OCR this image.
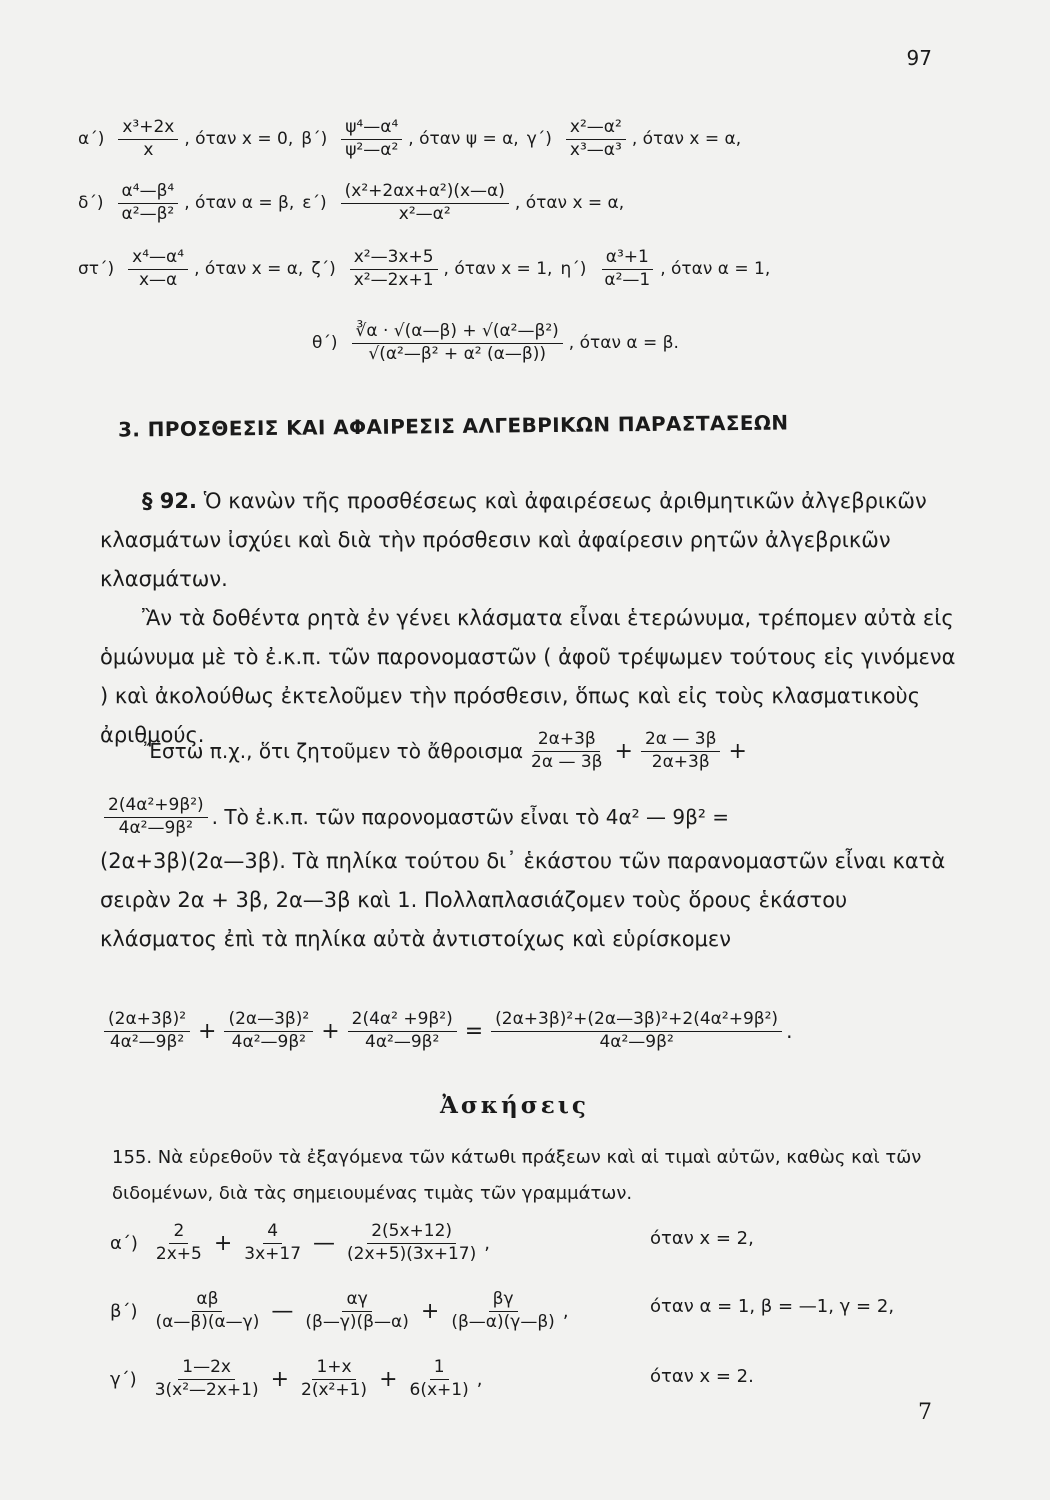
97
$\alpha΄) \frac{\text{x³+2x}}{x}$ , όταν x = 0, $\beta΄) \frac{\text{ψ⁴—α⁴}}{\text{ψ²—α²}}$ , όταν ψ = α, $\gamma΄) \frac{\text{x²—α²}}{\text{x³—α³}}$ , όταν x = α,
$\delta΄) \frac{\text{α⁴—β⁴}}{\text{α²—β²}}$ , όταν α = β, $\varepsilon΄) \frac{\text{(x²+2αx+α²)(x—α)}}{\text{x²—α²}}$ , όταν x = α,
$\sigma\tau΄) \frac{\text{x⁴—α⁴}}{x—\alpha}$ , όταν x = α, $\zeta΄) \frac{\text{x²—3x+5}}{\text{x²—2x+1}}$ , όταν x = 1, $\eta΄) \frac{\text{α³+1}}{\text{α²—1}}$ , όταν α = 1,
$\theta΄) \frac{\text{∛α · √(α—β) + √(α²—β²)}}{\text{√(α²—β² + α² (α—β))}}$ , όταν α = β.
3. ΠΡΟΣΘΕΣΙΣ ΚΑΙ ΑΦΑΙΡΕΣΙΣ ΑΛΓΕΒΡΙΚΩΝ ΠΑΡΑΣΤΑΣΕΩΝ
§ 92. Ὁ κανὼν τῆς προσθέσεως καὶ ἀφαιρέσεως ἀριθμητικῶν ἀλγεβρικῶν κλασμάτων ἰσχύει καὶ διὰ τὴν πρόσθεσιν καὶ ἀφαίρεσιν ρητῶν ἀλγεβρικῶν κλασμάτων.
Ἂν τὰ δοθέντα ρητὰ ἐν γένει κλάσματα εἶναι ἑτερώνυμα, τρέπομεν αὐτὰ εἰς ὁμώνυμα μὲ τὸ ἐ.κ.π. τῶν παρονομαστῶν ( ἀφοῦ τρέψωμεν τούτους εἰς γινόμενα ) καὶ ἀκολούθως ἐκτελοῦμεν τὴν πρόσθεσιν, ὅπως καὶ εἰς τοὺς κλασματικοὺς ἀριθμούς.
Ἔστω π.χ., ὅτι ζητοῦμεν τὸ ἄθροισμα $\frac{2\alpha+3\beta}{2\alpha — 3\beta} + \frac{2\alpha — 3\beta}{2\alpha+3\beta}$ +
$\frac{\text{2(4α²+9β²)}}{\text{4α²—9β²}}$ . Τὸ ἐ.κ.π. τῶν παρονομαστῶν εἶναι τὸ 4α² — 9β² =
(2α+3β)(2α—3β). Τὰ πηλίκα τούτου δι᾽ ἑκάστου τῶν παρανομαστῶν εἶναι κατὰ σειρὰν 2α + 3β, 2α—3β καὶ 1. Πολλαπλασιάζομεν τοὺς ὅρους ἑκάστου κλάσματος ἐπὶ τὰ πηλίκα αὐτὰ ἀντιστοίχως καὶ εὑρίσκομεν
$\frac{\text{(2α+3β)²}}{\text{4α²—9β²}} + \frac{\text{(2α—3β)²}}{\text{4α²—9β²}} + \frac{\text{2(4α² +9β²)}}{\text{4α²—9β²}} = \frac{\text{(2α+3β)²+(2α—3β)²+2(4α²+9β²)}}{\text{4α²—9β²}}$ .
Ἀσκήσεις
155. Νὰ εὑρεθοῦν τὰ ἐξαγόμενα τῶν κάτωθι πράξεων καὶ αἱ τιμαὶ αὐτῶν, καθὼς καὶ τῶν διδομένων, διὰ τὰς σημειουμένας τιμὰς τῶν γραμμάτων.
$\alpha΄) \frac{2}{2x+5} + \frac{4}{3x+17}$ — $\frac{2(5x+12)}{(2x+5)(3x+17)}$ ,	όταν x = 2,
$\beta΄) \frac{\alpha\beta}{(\alpha—\beta)(\alpha—\gamma)}$ — $\frac{\alpha\gamma}{(\beta—\gamma)(\beta—\alpha)} + \frac{\beta\gamma}{(\beta—\alpha)(\gamma—\beta)}$ ,	όταν α = 1, β = —1, γ = 2,
$\gamma΄) \frac{1—2x}{\text{3(x²—2x+1)}} + \frac{1+x}{\text{2(x²+1)}} + \frac{1}{6(x+1)}$ ,	όταν x = 2.
7
